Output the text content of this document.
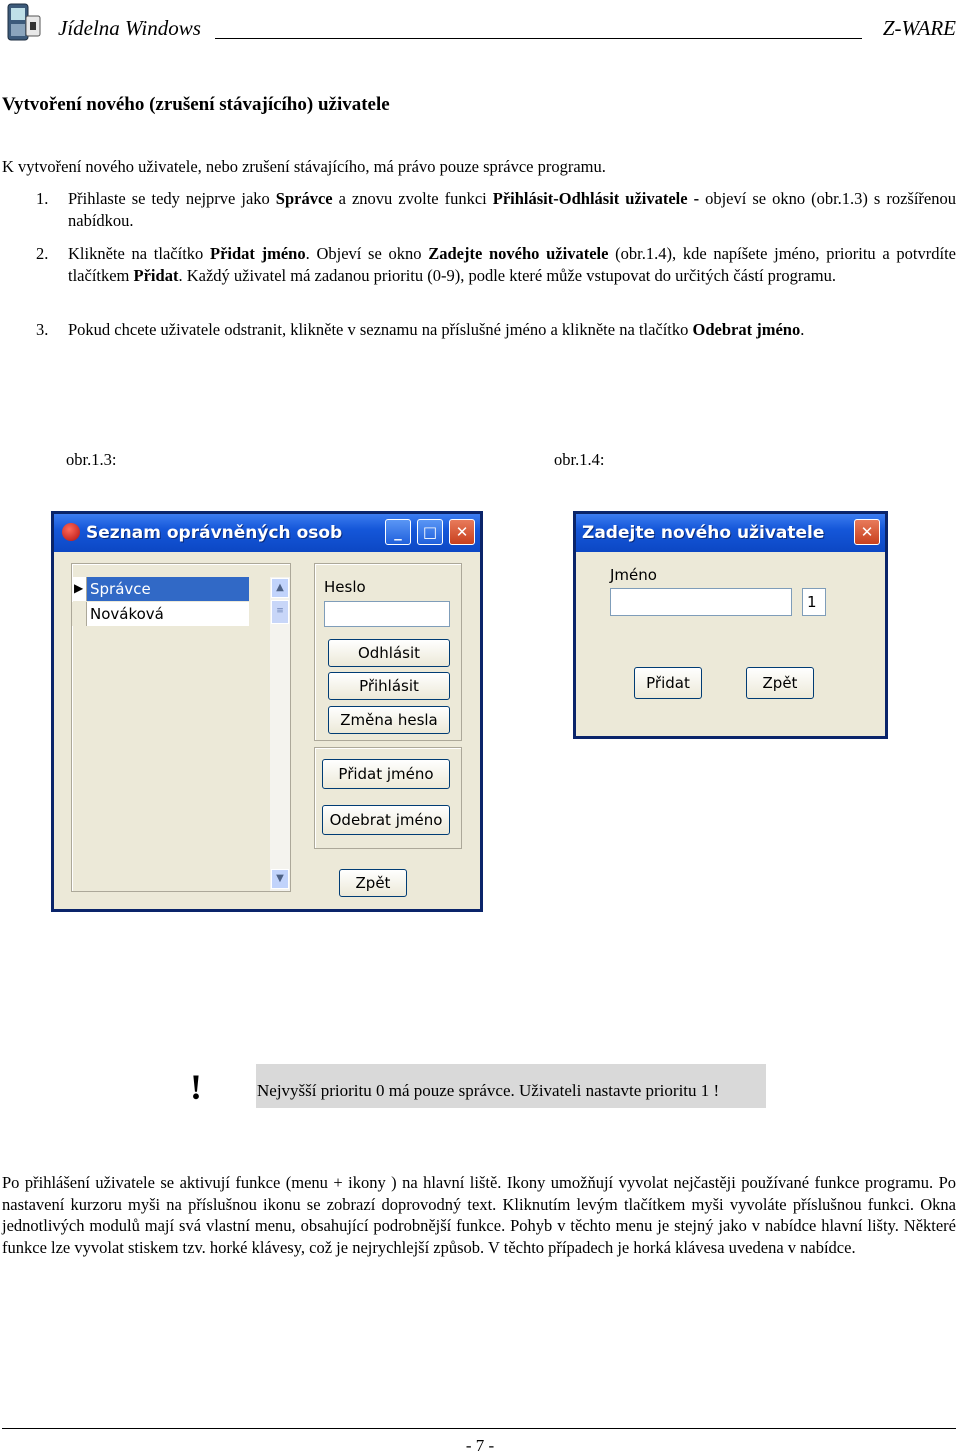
Jídelna Windows	Z-WARE
Vytvoření nového (zrušení stávajícího) uživatele
K vytvoření nového uživatele, nebo zrušení stávajícího, má právo pouze správce programu.
1. Přihlaste se tedy nejprve jako Správce a znovu zvolte funkci Přihlásit-Odhlásit uživatele - objeví se okno (obr.1.3) s rozšířenou nabídkou.
2. Klikněte na tlačítko Přidat jméno. Objeví se okno Zadejte nového uživatele (obr.1.4), kde napíšete jméno, prioritu a potvrdíte tlačítkem Přidat. Každý uživatel má zadanou prioritu (0-9), podle které může vstupovat do určitých částí programu.
3. Pokud chcete uživatele odstranit, klikněte v seznamu na příslušné jméno a klikněte na tlačítko Odebrat jméno.
obr.1.3:	obr.1.4:
Seznam oprávněných osob	_	□	✕
▶ Správce
Nováková
▲
≡
▼
Heslo
Odhlásit
Přihlásit
Změna hesla
Přidat jméno
Odebrat jméno
Zpět
Zadejte nového uživatele	✕
Jméno
1
Přidat	Zpět
!	Nejvyšší prioritu 0 má pouze správce. Uživateli nastavte prioritu 1 !
Po přihlášení uživatele se aktivují funkce (menu + ikony ) na hlavní liště. Ikony umožňují vyvolat nejčastěji používané funkce programu. Po nastavení kurzoru myši na příslušnou ikonu se zobrazí doprovodný text. Kliknutím levým tlačítkem myši vyvoláte příslušnou funkci. Okna jednotlivých modulů mají svá vlastní menu, obsahující podrobnější funkce. Pohyb v těchto menu je stejný jako v nabídce hlavní lišty. Některé funkce lze vyvolat stiskem tzv. horké klávesy, což je nejrychlejší způsob. V těchto případech je horká klávesa uvedena v nabídce.
- 7 -
